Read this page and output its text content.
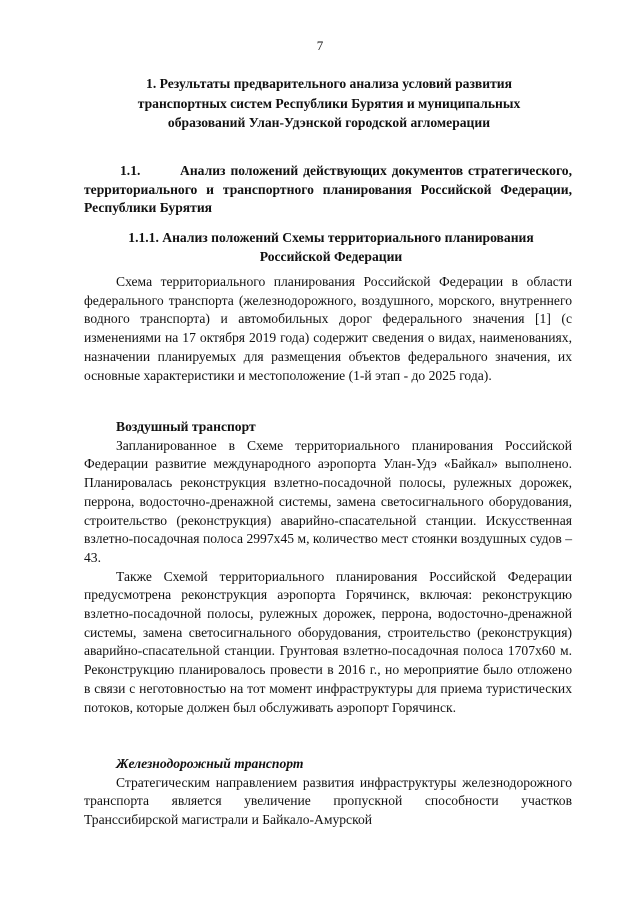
7
1. Результаты предварительного анализа условий развития транспортных систем Республики Бурятия и муниципальных образований Улан-Удэнской городской агломерации
1.1.	Анализ положений действующих документов стратегического, территориального и транспортного планирования Российской Федерации, Республики Бурятия
1.1.1. Анализ положений Схемы территориального планирования Российской Федерации

Схема территориального планирования Российской Федерации в области федерального транспорта (железнодорожного, воздушного, морского, внутреннего водного транспорта) и автомобильных дорог федерального значения [1] (с изменениями на 17 октября 2019 года) содержит сведения о видах, наименованиях, назначении планируемых для размещения объектов федерального значения, их основные характеристики и местоположение (1-й этап - до 2025 года).

Воздушный транспорт

Запланированное в Схеме территориального планирования Российской Федерации развитие международного аэропорта Улан-Удэ «Байкал» выполнено. Планировалась реконструкция взлетно-посадочной полосы, рулежных дорожек, перрона, водосточно-дренажной системы, замена светосигнального оборудования, строительство (реконструкция) аварийно-спасательной станции. Искусственная взлетно-посадочная полоса 2997х45 м, количество мест стоянки воздушных судов – 43.

Также Схемой территориального планирования Российской Федерации предусмотрена реконструкция аэропорта Горячинск, включая: реконструкцию взлетно-посадочной полосы, рулежных дорожек, перрона, водосточно-дренажной системы, замена светосигнального оборудования, строительство (реконструкция) аварийно-спасательной станции. Грунтовая взлетно-посадочная полоса 1707х60 м. Реконструкцию планировалось провести в 2016 г., но мероприятие было отложено в связи с неготовностью на тот момент инфраструктуры для приема туристических потоков, которые должен был обслуживать аэропорт Горячинск.

Железнодорожный транспорт

Стратегическим направлением развития инфраструктуры железнодорожного транспорта является увеличение пропускной способности участков Транссибирской магистрали и Байкало-Амурской
